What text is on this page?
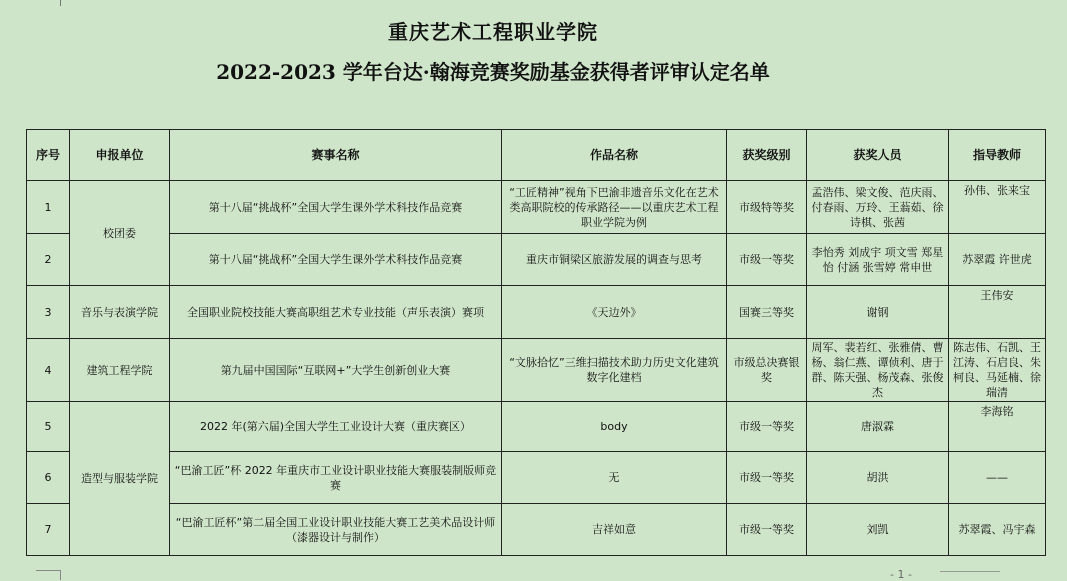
重庆艺术工程职业学院
2022-2023 学年台达·翰海竞赛奖励基金获得者评审认定名单
序号	申报单位	赛事名称	作品名称	获奖级别	获奖人员	指导教师
1	校团委	第十八届“挑战杯”全国大学生课外学术科技作品竞赛	“工匠精神”视角下巴渝非遗音乐文化在艺术类高职院校的传承路径——以重庆艺术工程职业学院为例	市级特等奖	孟浩伟、梁文俊、范庆雨、付春雨、万玲、王蓊茹、徐诗棋、张茜	孙伟、张来宝
2		第十八届“挑战杯”全国大学生课外学术科技作品竞赛	重庆市铜梁区旅游发展的调查与思考	市级一等奖	李怡秀 刘成宇 项文雪 郑星怡 付涵 张雪婷 常申世	苏翠霞 许世虎
3	音乐与表演学院	全国职业院校技能大赛高职组艺术专业技能（声乐表演）赛项	《天边外》	国赛三等奖	谢钢	王伟安
4	建筑工程学院	第九届中国国际“互联网+”大学生创新创业大赛	“文脉拾忆”三维扫描技术助力历史文化建筑数字化建档	市级总决赛银奖	周军、裴若红、张雅倩、曹杨、翁仁燕、谭侦利、唐于群、陈天强、杨茂森、张俊杰	陈志伟、石凯、王江涛、石启良、朱柯良、马延楠、徐瑞清
5	造型与服装学院	2022 年(第六届)全国大学生工业设计大赛（重庆赛区）	body	市级一等奖	唐淑霖	李海铭
6		“巴渝工匠”杯 2022 年重庆市工业设计职业技能大赛服装制版师竞赛	无	市级一等奖	胡洪	——
7		“巴渝工匠杯”第二届全国工业设计职业技能大赛工艺美术品设计师（漆器设计与制作）	吉祥如意	市级一等奖	刘凯	苏翠霞、冯宇森
- 1 -
